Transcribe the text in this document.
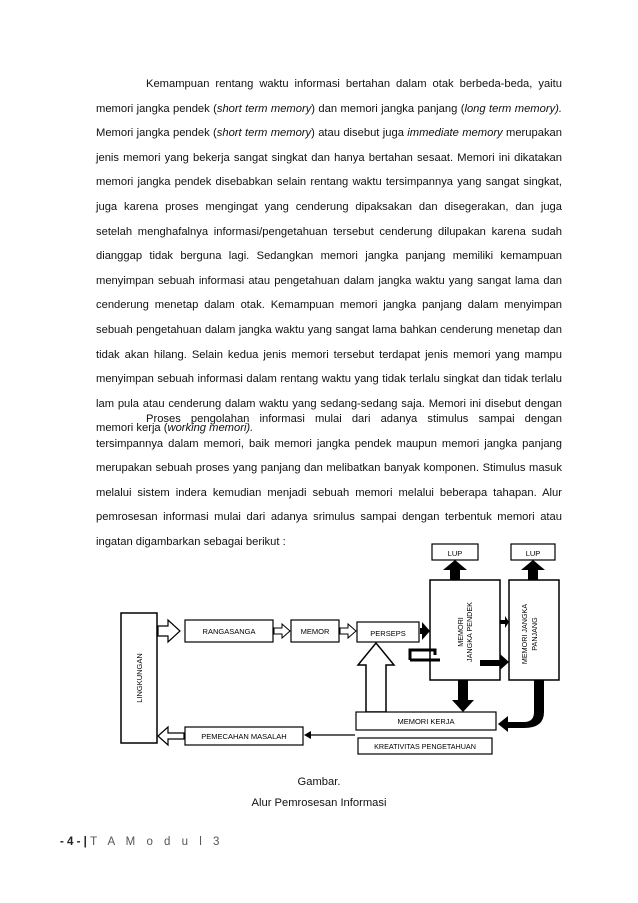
Kemampuan rentang waktu informasi bertahan dalam otak berbeda-beda, yaitu memori jangka pendek (short term memory) dan memori jangka panjang (long term memory). Memori jangka pendek (short term memory) atau disebut juga immediate memory merupakan jenis memori yang bekerja sangat singkat dan hanya bertahan sesaat. Memori ini dikatakan memori jangka pendek disebabkan selain rentang waktu tersimpannya yang sangat singkat, juga karena proses mengingat yang cenderung dipaksakan dan disegerakan, dan juga setelah menghafalnya informasi/pengetahuan tersebut cenderung dilupakan karena sudah dianggap tidak berguna lagi. Sedangkan memori jangka panjang memiliki kemampuan menyimpan sebuah informasi atau pengetahuan dalam jangka waktu yang sangat lama dan cenderung menetap dalam otak. Kemampuan memori jangka panjang dalam menyimpan sebuah pengetahuan dalam jangka waktu yang sangat lama bahkan cenderung menetap dan tidak akan hilang. Selain kedua jenis memori tersebut terdapat jenis memori yang mampu menyimpan sebuah informasi dalam rentang waktu yang tidak terlalu singkat dan tidak terlalu lam pula atau cenderung dalam waktu yang sedang-sedang saja. Memori ini disebut dengan memori kerja (working memori).

Proses pengolahan informasi mulai dari adanya stimulus sampai dengan tersimpannya dalam memori, baik memori jangka pendek maupun memori jangka panjang merupakan sebuah proses yang panjang dan melibatkan banyak komponen. Stimulus masuk melalui sistem indera kemudian menjadi sebuah memori melalui beberapa tahapan. Alur pemrosesan informasi mulai dari adanya srimulus sampai dengan terbentuk memori atau ingatan digambarkan sebagai berikut :

LINGKUNGAN
RANGASANGA	MEMOR	PERSEPS	MEMORI JANGKA PENDEK	MEMORI JANGKA PANJANG
LUP	LUP
MEMORI KERJA
KREATIVITAS PENGETAHUAN
PEMECAHAN MASALAH
Gambar.
Alur Pemrosesan Informasi
- 4 - | T A M o d u l 3
